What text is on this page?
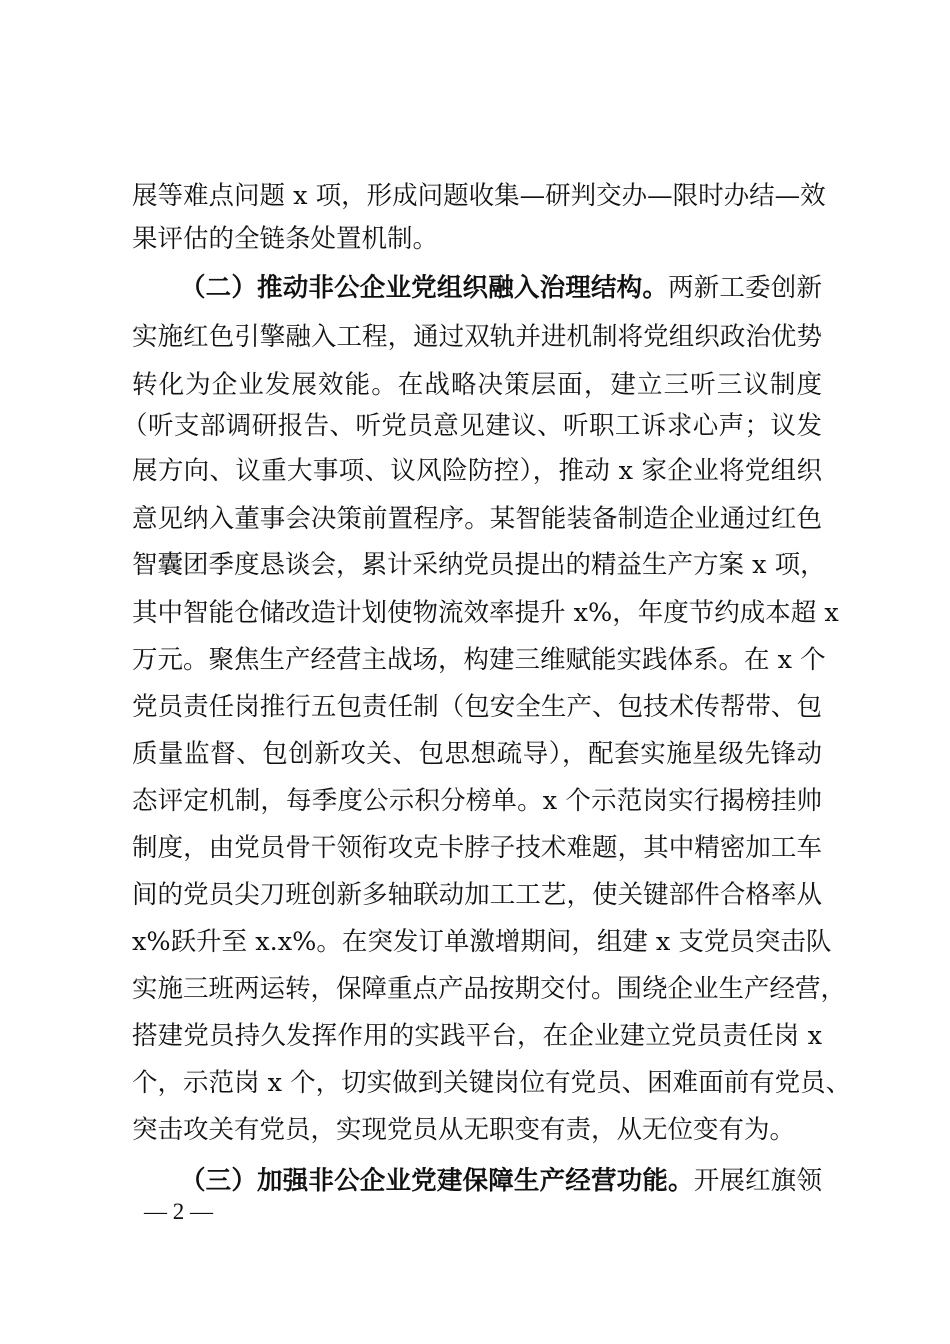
展等难点问题 x 项，形成问题收集—研判交办—限时办结—效
果评估的全链条处置机制。
（二）推动非公企业党组织融入治理结构。两新工委创新
实施红色引擎融入工程，通过双轨并进机制将党组织政治优势
转化为企业发展效能。在战略决策层面，建立三听三议制度
（听支部调研报告、听党员意见建议、听职工诉求心声；议发
展方向、议重大事项、议风险防控），推动 x 家企业将党组织
意见纳入董事会决策前置程序。某智能装备制造企业通过红色
智囊团季度恳谈会，累计采纳党员提出的精益生产方案 x 项，
其中智能仓储改造计划使物流效率提升 x%，年度节约成本超 x
万元。聚焦生产经营主战场，构建三维赋能实践体系。在 x 个
党员责任岗推行五包责任制（包安全生产、包技术传帮带、包
质量监督、包创新攻关、包思想疏导），配套实施星级先锋动
态评定机制，每季度公示积分榜单。x 个示范岗实行揭榜挂帅
制度，由党员骨干领衔攻克卡脖子技术难题，其中精密加工车
间的党员尖刀班创新多轴联动加工工艺，使关键部件合格率从
x%跃升至 x.x%。在突发订单激增期间，组建 x 支党员突击队
实施三班两运转，保障重点产品按期交付。围绕企业生产经营，
搭建党员持久发挥作用的实践平台，在企业建立党员责任岗 x
个，示范岗 x 个，切实做到关键岗位有党员、困难面前有党员、
突击攻关有党员，实现党员从无职变有责，从无位变有为。
（三）加强非公企业党建保障生产经营功能。开展红旗领
— 2 —
